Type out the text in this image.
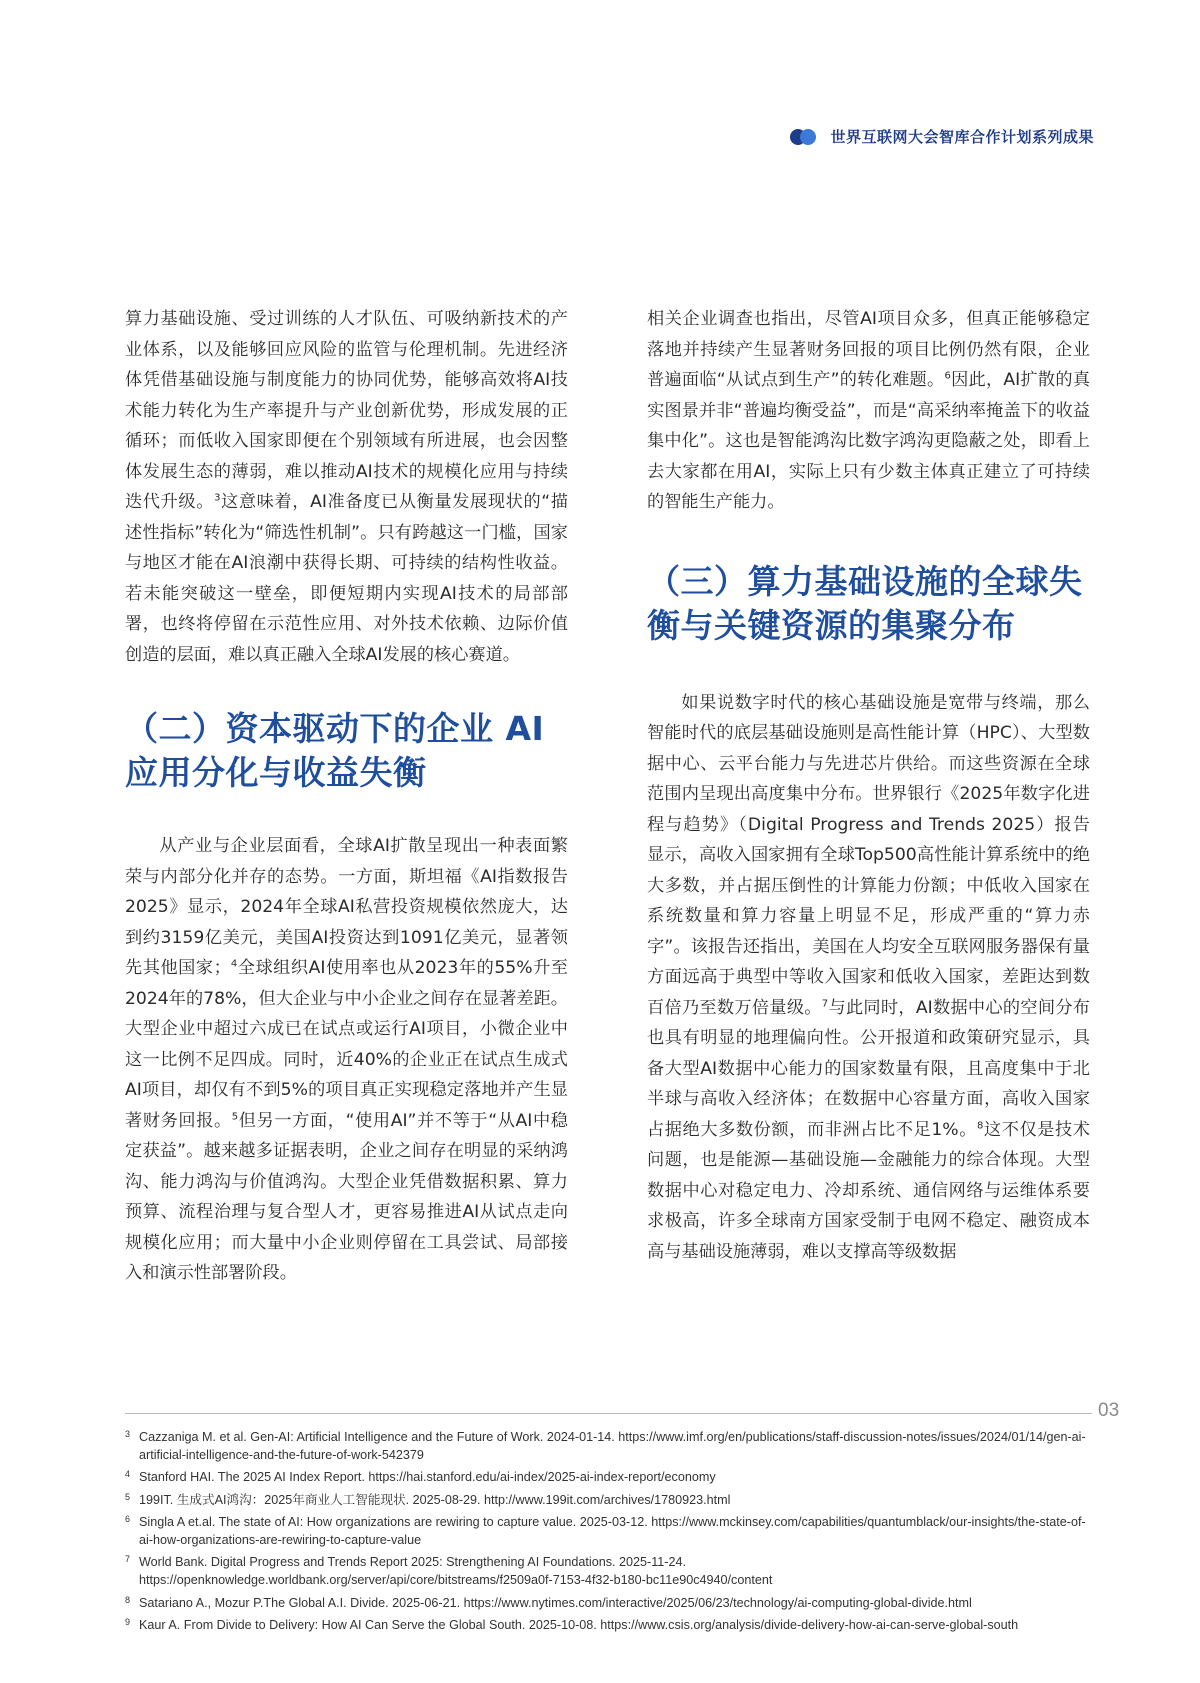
世界互联网大会智库合作计划系列成果

算力基础设施、受过训练的人才队伍、可吸纳新技术的产业体系，以及能够回应风险的监管与伦理机制。先进经济体凭借基础设施与制度能力的协同优势，能够高效将AI技术能力转化为生产率提升与产业创新优势，形成发展的正循环；而低收入国家即便在个别领域有所进展，也会因整体发展生态的薄弱，难以推动AI技术的规模化应用与持续迭代升级。$^3$这意味着，AI准备度已从衡量发展现状的“描述性指标”转化为“筛选性机制”。只有跨越这一门槛，国家与地区才能在AI浪潮中获得长期、可持续的结构性收益。若未能突破这一壁垒，即便短期内实现AI技术的局部部署，也终将停留在示范性应用、对外技术依赖、边际价值创造的层面，难以真正融入全球AI发展的核心赛道。

（二）资本驱动下的企业 AI 应用分化与收益失衡

从产业与企业层面看，全球AI扩散呈现出一种表面繁荣与内部分化并存的态势。一方面，斯坦福《AI指数报告2025》显示，2024年全球AI私营投资规模依然庞大，达到约3159亿美元，美国AI投资达到1091亿美元，显著领先其他国家；$^4$全球组织AI使用率也从2023年的55%升至2024年的78%，但大企业与中小企业之间存在显著差距。大型企业中超过六成已在试点或运行AI项目，小微企业中这一比例不足四成。同时，近40%的企业正在试点生成式AI项目，却仅有不到5%的项目真正实现稳定落地并产生显著财务回报。$^5$但另一方面，“使用AI”并不等于“从AI中稳定获益”。越来越多证据表明，企业之间存在明显的采纳鸿沟、能力鸿沟与价值鸿沟。大型企业凭借数据积累、算力预算、流程治理与复合型人才，更容易推进AI从试点走向规模化应用；而大量中小企业则停留在工具尝试、局部接入和演示性部署阶段。

相关企业调查也指出，尽管AI项目众多，但真正能够稳定落地并持续产生显著财务回报的项目比例仍然有限，企业普遍面临“从试点到生产”的转化难题。$^6$因此，AI扩散的真实图景并非“普遍均衡受益”，而是“高采纳率掩盖下的收益集中化”。这也是智能鸿沟比数字鸿沟更隐蔽之处，即看上去大家都在用AI，实际上只有少数主体真正建立了可持续的智能生产能力。

（三）算力基础设施的全球失衡与关键资源的集聚分布

如果说数字时代的核心基础设施是宽带与终端，那么智能时代的底层基础设施则是高性能计算（HPC）、大型数据中心、云平台能力与先进芯片供给。而这些资源在全球范围内呈现出高度集中分布。世界银行《2025年数字化进程与趋势》（Digital Progress and Trends 2025）报告显示，高收入国家拥有全球Top500高性能计算系统中的绝大多数，并占据压倒性的计算能力份额；中低收入国家在系统数量和算力容量上明显不足，形成严重的“算力赤字”。该报告还指出，美国在人均安全互联网服务器保有量方面远高于典型中等收入国家和低收入国家，差距达到数百倍乃至数万倍量级。$^7$与此同时，AI数据中心的空间分布也具有明显的地理偏向性。公开报道和政策研究显示，具备大型AI数据中心能力的国家数量有限，且高度集中于北半球与高收入经济体；在数据中心容量方面，高收入国家占据绝大多数份额，而非洲占比不足1%。$^8$这不仅是技术问题，也是能源—基础设施—金融能力的综合体现。大型数据中心对稳定电力、冷却系统、通信网络与运维体系要求极高，许多全球南方国家受制于电网不稳定、融资成本高与基础设施薄弱，难以支撑高等级数据

03
3 Cazzaniga M. et al. Gen-AI: Artificial Intelligence and the Future of Work. 2024-01-14. https://www.imf.org/en/publications/staff-discussion-notes/issues/2024/01/14/gen-ai-artificial-intelligence-and-the-future-of-work-542379
4 Stanford HAI. The 2025 AI Index Report. https://hai.stanford.edu/ai-index/2025-ai-index-report/economy
5 199IT. 生成式AI鸿沟：2025年商业人工智能现状. 2025-08-29. http://www.199it.com/archives/1780923.html
6 Singla A et.al. The state of AI: How organizations are rewiring to capture value. 2025-03-12. https://www.mckinsey.com/capabilities/quantumblack/our-insights/the-state-of-ai-how-organizations-are-rewiring-to-capture-value
7 World Bank. Digital Progress and Trends Report 2025: Strengthening AI Foundations. 2025-11-24. https://openknowledge.worldbank.org/server/api/core/bitstreams/f2509a0f-7153-4f32-b180-bc11e90c4940/content
8 Satariano A., Mozur P.The Global A.I. Divide. 2025-06-21. https://www.nytimes.com/interactive/2025/06/23/technology/ai-computing-global-divide.html
9 Kaur A. From Divide to Delivery: How AI Can Serve the Global South. 2025-10-08. https://www.csis.org/analysis/divide-delivery-how-ai-can-serve-global-south
